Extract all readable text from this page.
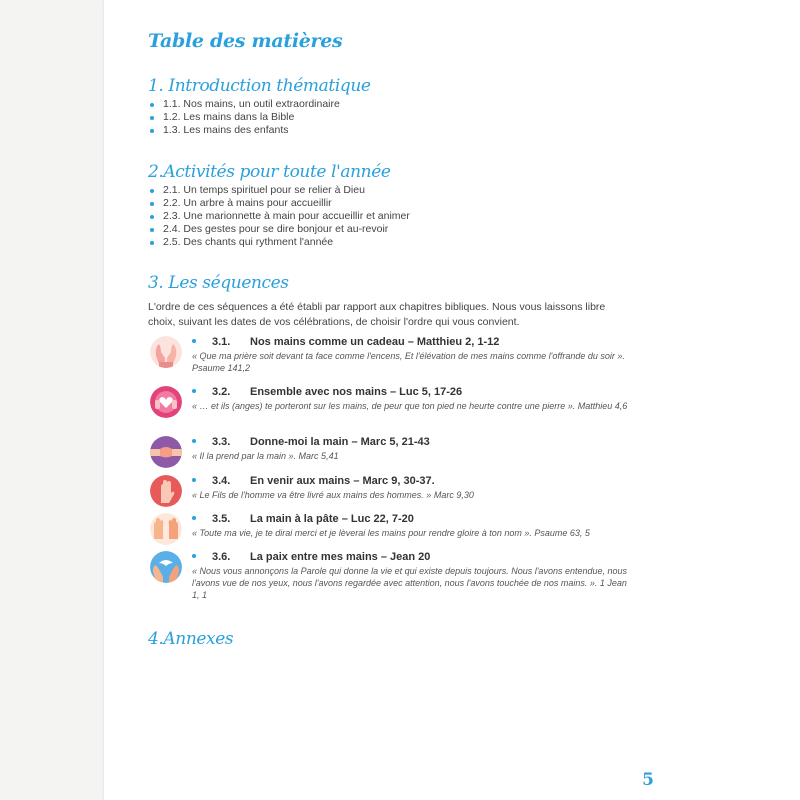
Table des matières
1. Introduction thématique
1.1. Nos mains, un outil extraordinaire
1.2. Les mains dans la Bible
1.3. Les mains des enfants
2.Activités pour toute l'année
2.1. Un temps spirituel pour se relier à Dieu
2.2. Un arbre à mains pour accueillir
2.3. Une marionnette à main pour accueillir et animer
2.4. Des gestes pour se dire bonjour et au-revoir
2.5. Des chants qui rythment l'année
3. Les séquences
L'ordre de ces séquences a été établi par rapport aux chapitres bibliques. Nous vous laissons libre choix, suivant les dates de vos célébrations, de choisir l'ordre qui vous convient.
3.1. Nos mains comme un cadeau – Matthieu 2, 1-12
« Que ma prière soit devant ta face comme l'encens, Et l'élévation de mes mains comme l'offrande du soir ». Psaume 141,2
3.2. Ensemble avec nos mains – Luc 5, 17-26
« … et ils (anges) te porteront sur les mains, de peur que ton pied ne heurte contre une pierre ». Matthieu 4,6
3.3. Donne-moi la main – Marc 5, 21-43
« Il la prend par la main ». Marc 5,41
3.4. En venir aux mains – Marc 9, 30-37.
« Le Fils de l'homme va être livré aux mains des hommes. » Marc 9,30
3.5. La main à la pâte – Luc 22, 7-20
« Toute ma vie, je te dirai merci et je lèverai les mains pour rendre gloire à ton nom ». Psaume 63, 5
3.6. La paix entre mes mains – Jean 20
« Nous vous annonçons la Parole qui donne la vie et qui existe depuis toujours. Nous l'avons entendue, nous l'avons vue de nos yeux, nous l'avons regardée avec attention, nous l'avons touchée de nos mains. ». 1 Jean 1, 1
4.Annexes
5
